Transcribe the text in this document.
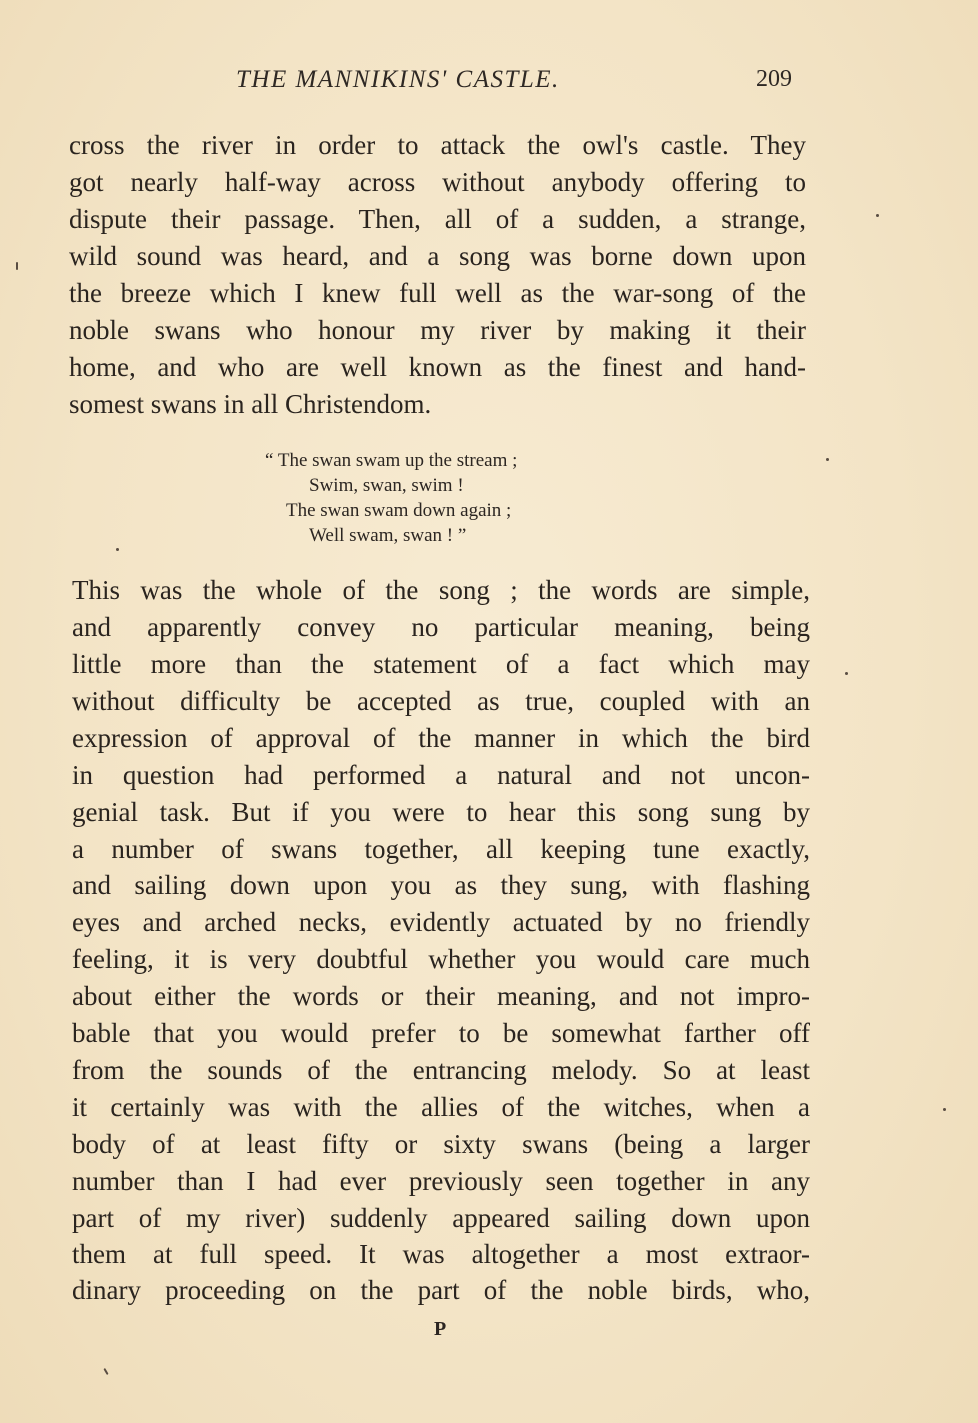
THE MANNIKINS' CASTLE.	209
cross the river in order to attack the owl's castle. They
got nearly half-way across without anybody offering to
dispute their passage. Then, all of a sudden, a strange,
wild sound was heard, and a song was borne down upon
the breeze which I knew full well as the war-song of the
noble swans who honour my river by making it their
home, and who are well known as the finest and hand-
somest swans in all Christendom.
“ The swan swam up the stream ;
Swim, swan, swim !
The swan swam down again ;
Well swam, swan ! ”
This was the whole of the song ; the words are simple,
and apparently convey no particular meaning, being
little more than the statement of a fact which may
without difficulty be accepted as true, coupled with an
expression of approval of the manner in which the bird
in question had performed a natural and not uncon-
genial task. But if you were to hear this song sung by
a number of swans together, all keeping tune exactly,
and sailing down upon you as they sung, with flashing
eyes and arched necks, evidently actuated by no friendly
feeling, it is very doubtful whether you would care much
about either the words or their meaning, and not impro-
bable that you would prefer to be somewhat farther off
from the sounds of the entrancing melody. So at least
it certainly was with the allies of the witches, when a
body of at least fifty or sixty swans (being a larger
number than I had ever previously seen together in any
part of my river) suddenly appeared sailing down upon
them at full speed. It was altogether a most extraor-
dinary proceeding on the part of the noble birds, who,
P
